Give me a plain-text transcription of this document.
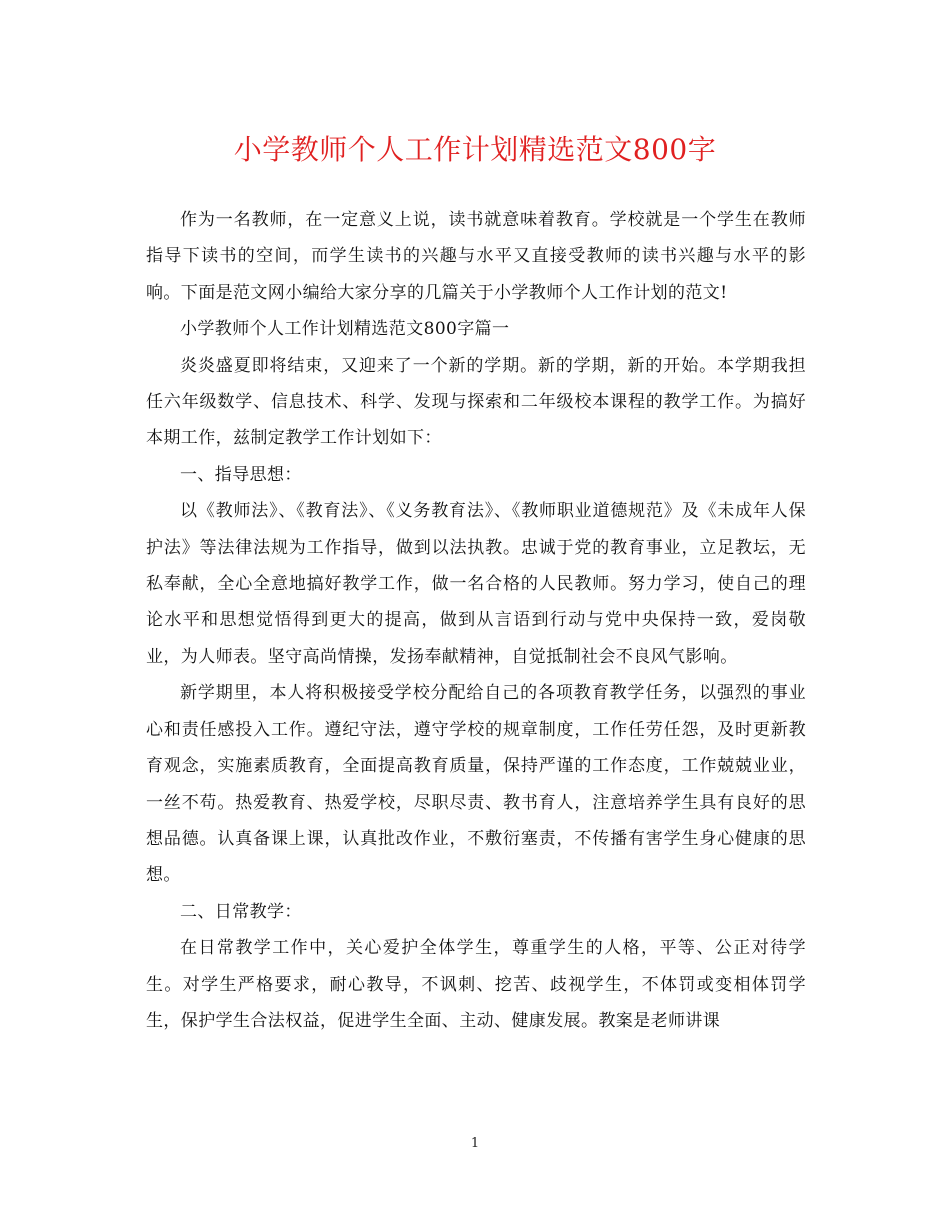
小学教师个人工作计划精选范文800字

作为一名教师，在一定意义上说，读书就意味着教育。学校就是一个学生在教师指导下读书的空间，而学生读书的兴趣与水平又直接受教师的读书兴趣与水平的影响。下面是范文网小编给大家分享的几篇关于小学教师个人工作计划的范文!

小学教师个人工作计划精选范文800字篇一

炎炎盛夏即将结束，又迎来了一个新的学期。新的学期，新的开始。本学期我担任六年级数学、信息技术、科学、发现与探索和二年级校本课程的教学工作。为搞好本期工作，兹制定教学工作计划如下：

一、指导思想：

以《教师法》、《教育法》、《义务教育法》、《教师职业道德规范》及《未成年人保护法》等法律法规为工作指导，做到以法执教。忠诚于党的教育事业，立足教坛，无私奉献，全心全意地搞好教学工作，做一名合格的人民教师。努力学习，使自己的理论水平和思想觉悟得到更大的提高，做到从言语到行动与党中央保持一致，爱岗敬业，为人师表。坚守高尚情操，发扬奉献精神，自觉抵制社会不良风气影响。

新学期里，本人将积极接受学校分配给自己的各项教育教学任务，以强烈的事业心和责任感投入工作。遵纪守法，遵守学校的规章制度，工作任劳任怨，及时更新教育观念，实施素质教育，全面提高教育质量，保持严谨的工作态度，工作兢兢业业，一丝不苟。热爱教育、热爱学校，尽职尽责、教书育人，注意培养学生具有良好的思想品德。认真备课上课，认真批改作业，不敷衍塞责，不传播有害学生身心健康的思想。

二、日常教学：

在日常教学工作中，关心爱护全体学生，尊重学生的人格，平等、公正对待学生。对学生严格要求，耐心教导，不讽刺、挖苦、歧视学生，不体罚或变相体罚学生，保护学生合法权益，促进学生全面、主动、健康发展。教案是老师讲课

1
